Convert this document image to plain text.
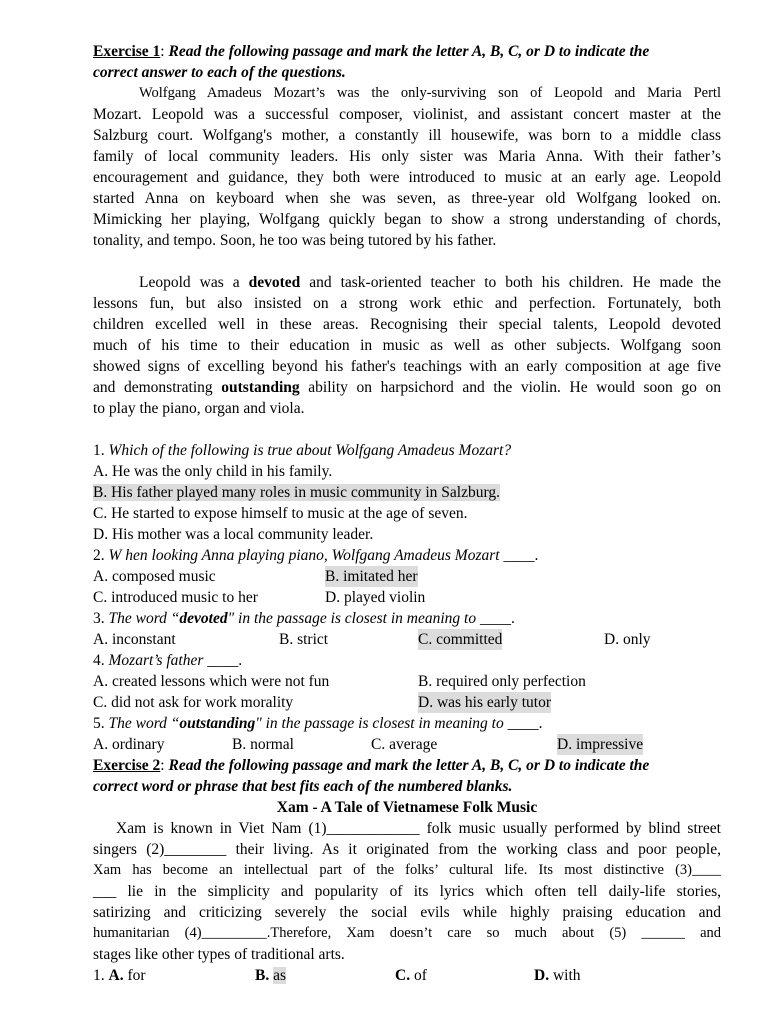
Exercise 1: Read the following passage and mark the letter A, B, C, or D to indicate the
correct answer to each of the questions.
Wolfgang Amadeus Mozart’s was the only-surviving son of Leopold and Maria Pertl
Mozart. Leopold was a successful composer, violinist, and assistant concert master at the
Salzburg court. Wolfgang's mother, a constantly ill housewife, was born to a middle class
family of local community leaders. His only sister was Maria Anna. With their father’s
encouragement and guidance, they both were introduced to music at an early age. Leopold
started Anna on keyboard when she was seven, as three-year old Wolfgang looked on.
Mimicking her playing, Wolfgang quickly began to show a strong understanding of chords,
tonality, and tempo. Soon, he too was being tutored by his father.
Leopold was a devoted and task-oriented teacher to both his children. He made the
lessons fun, but also insisted on a strong work ethic and perfection. Fortunately, both
children excelled well in these areas. Recognising their special talents, Leopold devoted
much of his time to their education in music as well as other subjects. Wolfgang soon
showed signs of excelling beyond his father's teachings with an early composition at age five
and demonstrating outstanding ability on harpsichord and the violin. He would soon go on
to play the piano, organ and viola.
1. Which of the following is true about Wolfgang Amadeus Mozart?
A. He was the only child in his family.
B. His father played many roles in music community in Salzburg.
C. He started to expose himself to music at the age of seven.
D. His mother was a local community leader.
2. W hen looking Anna playing piano, Wolfgang Amadeus Mozart ____.
A. composed music	B. imitated her
C. introduced music to her	D. played violin
3. The word “devoted" in the passage is closest in meaning to ____.
A. inconstant	B. strict	C. committed	D. only
4. Mozart’s father ____.
A. created lessons which were not fun	B. required only perfection
C. did not ask for work morality	D. was his early tutor
5. The word “outstanding" in the passage is closest in meaning to ____.
A. ordinary	B. normal	C. average	D. impressive
Exercise 2: Read the following passage and mark the letter A, B, C, or D to indicate the
correct word or phrase that best fits each of the numbered blanks.
Xam - A Tale of Vietnamese Folk Music
Xam is known in Viet Nam (1)____________ folk music usually performed by blind street
singers (2)________ their living. As it originated from the working class and poor people,
Xam has become an intellectual part of the folks’ cultural life. Its most distinctive (3)____
___ lie in the simplicity and popularity of its lyrics which often tell daily-life stories,
satirizing and criticizing severely the social evils while highly praising education and
humanitarian (4)_________.Therefore, Xam doesn’t care so much about (5) ______ and
stages like other types of traditional arts.
1. A. for	B. as	C. of	D. with
